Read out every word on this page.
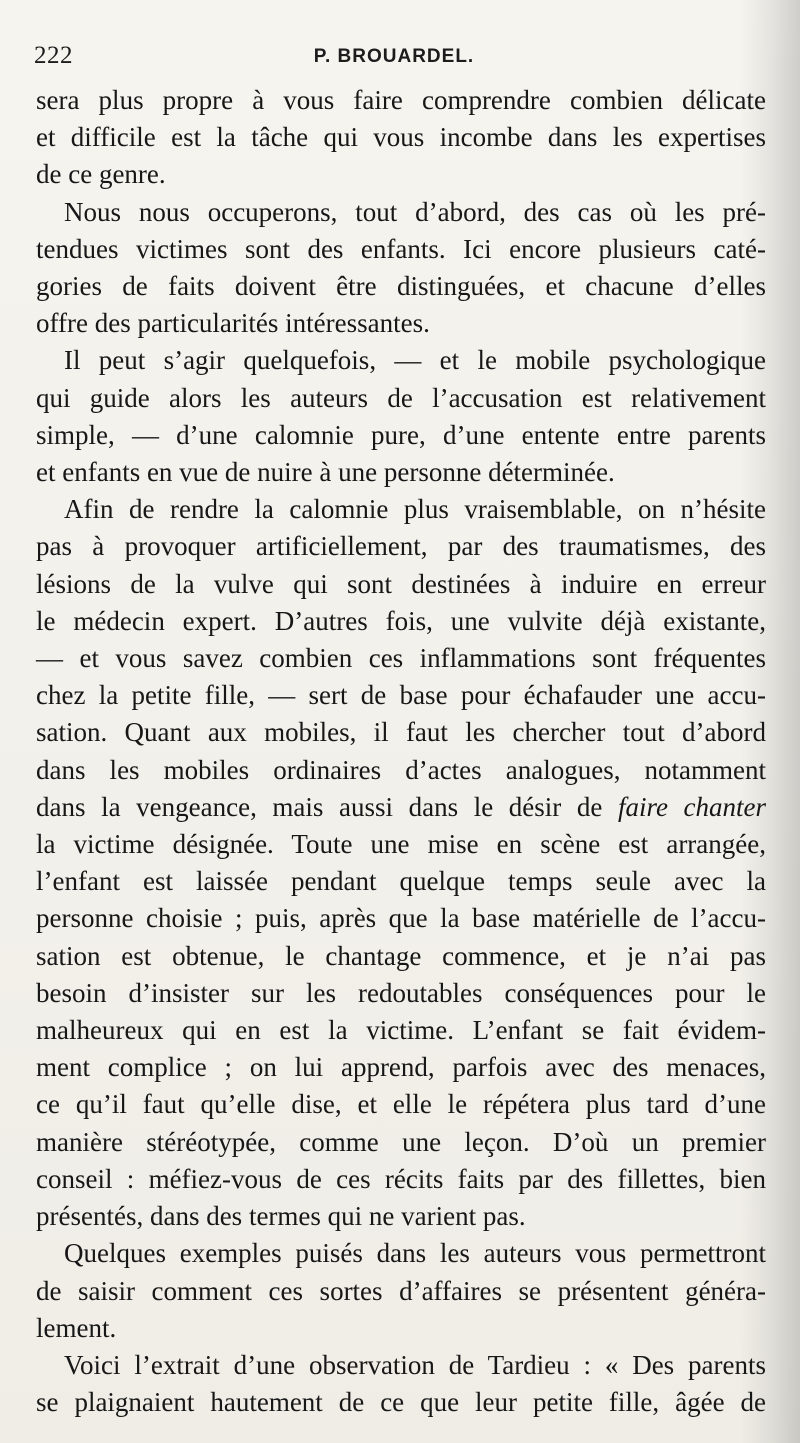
222	P. BROUARDEL.

sera plus propre à vous faire comprendre combien délicate
et difficile est la tâche qui vous incombe dans les expertises
de ce genre.

Nous nous occuperons, tout d’abord, des cas où les pré-
tendues victimes sont des enfants. Ici encore plusieurs caté-
gories de faits doivent être distinguées, et chacune d’elles
offre des particularités intéressantes.

Il peut s’agir quelquefois, — et le mobile psychologique
qui guide alors les auteurs de l’accusation est relativement
simple, — d’une calomnie pure, d’une entente entre parents
et enfants en vue de nuire à une personne déterminée.

Afin de rendre la calomnie plus vraisemblable, on n’hésite
pas à provoquer artificiellement, par des traumatismes, des
lésions de la vulve qui sont destinées à induire en erreur
le médecin expert. D’autres fois, une vulvite déjà existante,
— et vous savez combien ces inflammations sont fréquentes
chez la petite fille, — sert de base pour échafauder une accu-
sation. Quant aux mobiles, il faut les chercher tout d’abord
dans les mobiles ordinaires d’actes analogues, notamment
dans la vengeance, mais aussi dans le désir de faire chanter
la victime désignée. Toute une mise en scène est arrangée,
l’enfant est laissée pendant quelque temps seule avec la
personne choisie ; puis, après que la base matérielle de l’accu-
sation est obtenue, le chantage commence, et je n’ai pas
besoin d’insister sur les redoutables conséquences pour le
malheureux qui en est la victime. L’enfant se fait évidem-
ment complice ; on lui apprend, parfois avec des menaces,
ce qu’il faut qu’elle dise, et elle le répétera plus tard d’une
manière stéréotypée, comme une leçon. D’où un premier
conseil : méfiez-vous de ces récits faits par des fillettes, bien
présentés, dans des termes qui ne varient pas.

Quelques exemples puisés dans les auteurs vous permettront
de saisir comment ces sortes d’affaires se présentent généra-
lement.

Voici l’extrait d’une observation de Tardieu : « Des parents
se plaignaient hautement de ce que leur petite fille, âgée de
